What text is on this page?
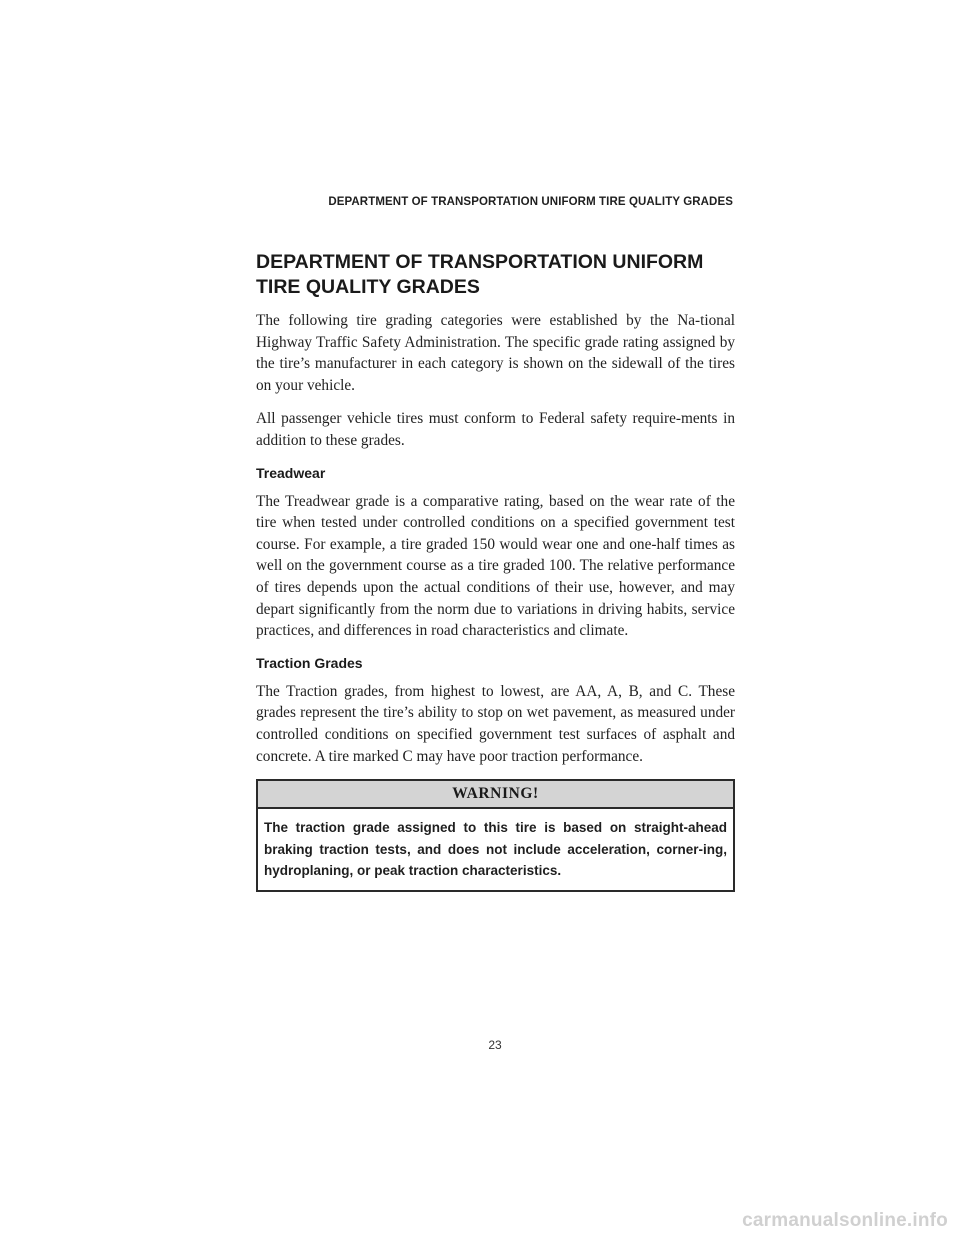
DEPARTMENT OF TRANSPORTATION UNIFORM TIRE QUALITY GRADES
DEPARTMENT OF TRANSPORTATION UNIFORM
TIRE QUALITY GRADES

The following tire grading categories were established by the Na-tional Highway Traffic Safety Administration. The specific grade rating assigned by the tire’s manufacturer in each category is shown on the sidewall of the tires on your vehicle.

All passenger vehicle tires must conform to Federal safety require-ments in addition to these grades.

Treadwear

The Treadwear grade is a comparative rating, based on the wear rate of the tire when tested under controlled conditions on a specified government test course. For example, a tire graded 150 would wear one and one-half times as well on the government course as a tire graded 100. The relative performance of tires depends upon the actual conditions of their use, however, and may depart significantly from the norm due to variations in driving habits, service practices, and differences in road characteristics and climate.

Traction Grades

The Traction grades, from highest to lowest, are AA, A, B, and C. These grades represent the tire’s ability to stop on wet pavement, as measured under controlled conditions on specified government test surfaces of asphalt and concrete. A tire marked C may have poor traction performance.

WARNING!
The traction grade assigned to this tire is based on straight-ahead braking traction tests, and does not include acceleration, corner-ing, hydroplaning, or peak traction characteristics.
23
carmanualsonline.info
